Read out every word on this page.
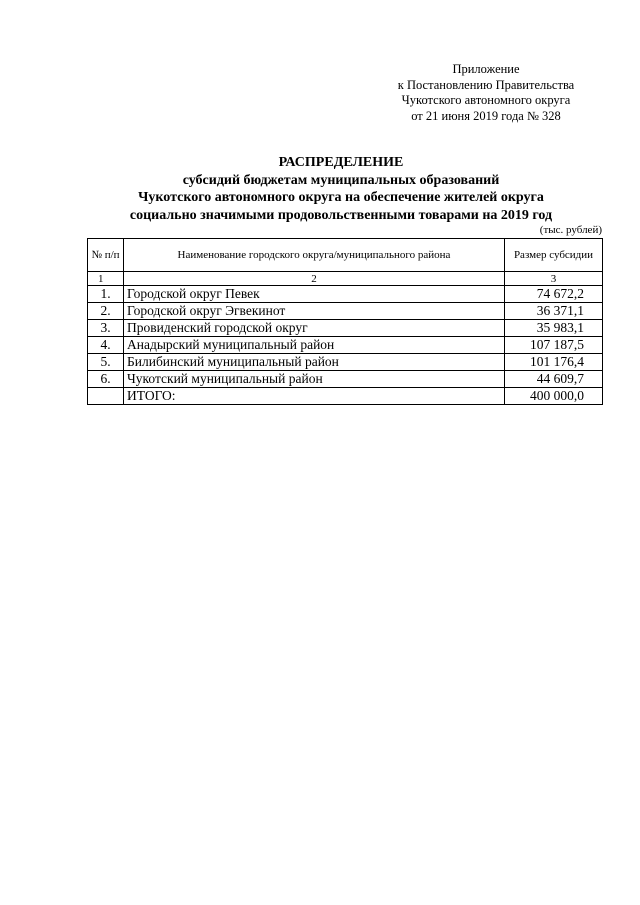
Приложение
к Постановлению Правительства
Чукотского автономного округа
от 21 июня 2019 года № 328
РАСПРЕДЕЛЕНИЕ
субсидий бюджетам муниципальных образований
Чукотского автономного округа на обеспечение жителей округа
социально значимыми продовольственными товарами на 2019 год
(тыс. рублей)
№ п/п	Наименование городского округа/муниципального района	Размер субсидии
1	2	3
1.	Городской округ Певек	74 672,2
2.	Городской округ Эгвекинот	36 371,1
3.	Провиденский городской округ	35 983,1
4.	Анадырский муниципальный район	107 187,5
5.	Билибинский муниципальный район	101 176,4
6.	Чукотский муниципальный район	44 609,7
	ИТОГО:	400 000,0
